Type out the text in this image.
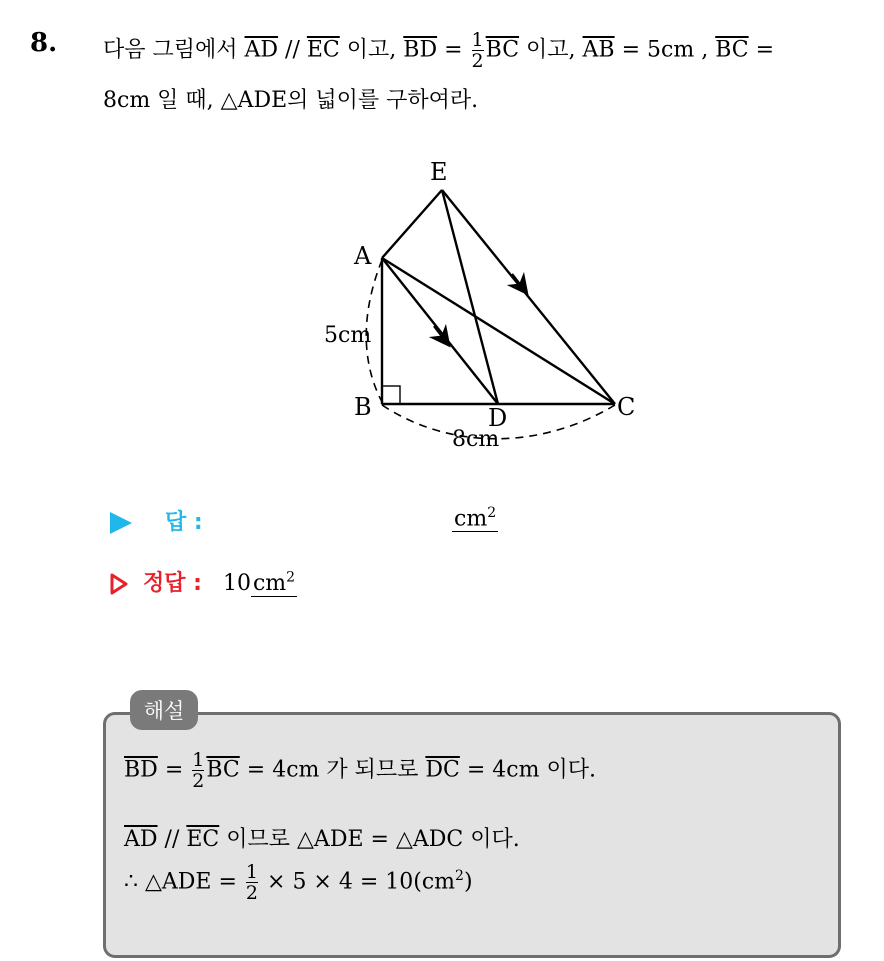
8. 다음 그림에서 $\overline{AD} // \overline{EC}$ 이고, $\overline{BD} = \frac{1}{2} \overline{BC}$ 이고, $\overline{AB} = 5cm$ , $\overline{BC}$ =
8cm 일 때, △ADE의 넓이를 구하여라.
E
A
B	C
D
5cm
8cm
답 :	$cm^2$
정답 : $10cm^2$
해설
$\overline{BD} = \frac{1}{2} \overline{BC} = 4cm$ 가 되므로 $\overline{DC} = 4cm$ 이다.
$\overline{AD} // \overline{EC}$ 이므로 △ADE = △ADC 이다.
∴ △ADE = $\frac{1}{2} \times 5 \times 4 = 10(cm^2)$
